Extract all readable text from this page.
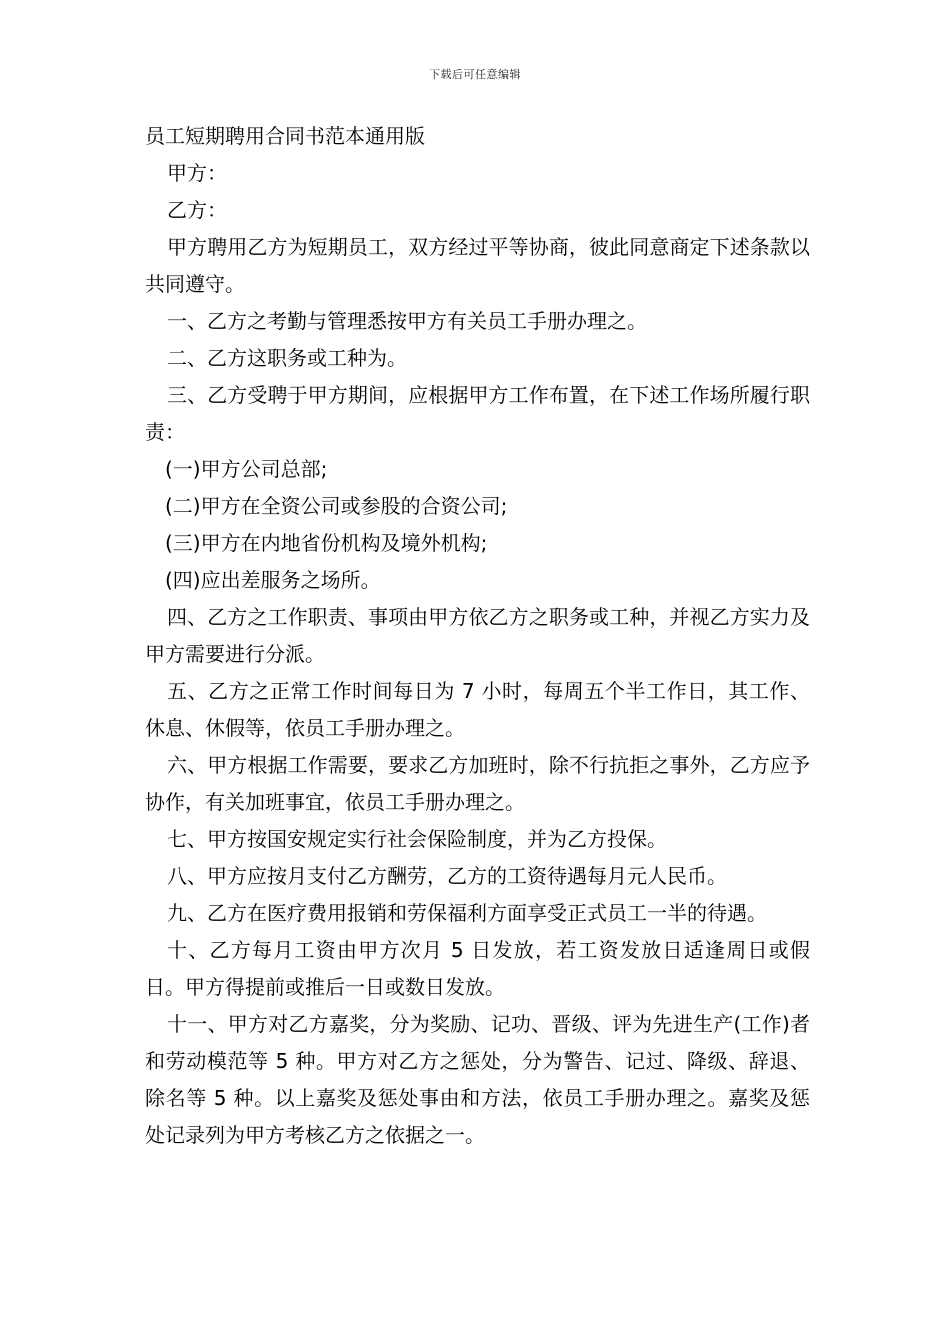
下载后可任意编辑

员工短期聘用合同书范本通用版

甲方：

乙方：

甲方聘用乙方为短期员工，双方经过平等协商，彼此同意商定下述条款以共同遵守。

一、乙方之考勤与管理悉按甲方有关员工手册办理之。

二、乙方这职务或工种为。

三、乙方受聘于甲方期间，应根据甲方工作布置，在下述工作场所履行职责：

(一)甲方公司总部;

(二)甲方在全资公司或参股的合资公司;

(三)甲方在内地省份机构及境外机构;

(四)应出差服务之场所。

四、乙方之工作职责、事项由甲方依乙方之职务或工种，并视乙方实力及甲方需要进行分派。

五、乙方之正常工作时间每日为 7 小时，每周五个半工作日，其工作、休息、休假等，依员工手册办理之。

六、甲方根据工作需要，要求乙方加班时，除不行抗拒之事外，乙方应予协作，有关加班事宜，依员工手册办理之。

七、甲方按国安规定实行社会保险制度，并为乙方投保。

八、甲方应按月支付乙方酬劳，乙方的工资待遇每月元人民币。

九、乙方在医疗费用报销和劳保福利方面享受正式员工一半的待遇。

十、乙方每月工资由甲方次月 5 日发放，若工资发放日适逢周日或假日。甲方得提前或推后一日或数日发放。

十一、甲方对乙方嘉奖，分为奖励、记功、晋级、评为先进生产(工作)者和劳动模范等 5 种。甲方对乙方之惩处，分为警告、记过、降级、辞退、除名等 5 种。以上嘉奖及惩处事由和方法，依员工手册办理之。嘉奖及惩处记录列为甲方考核乙方之依据之一。
